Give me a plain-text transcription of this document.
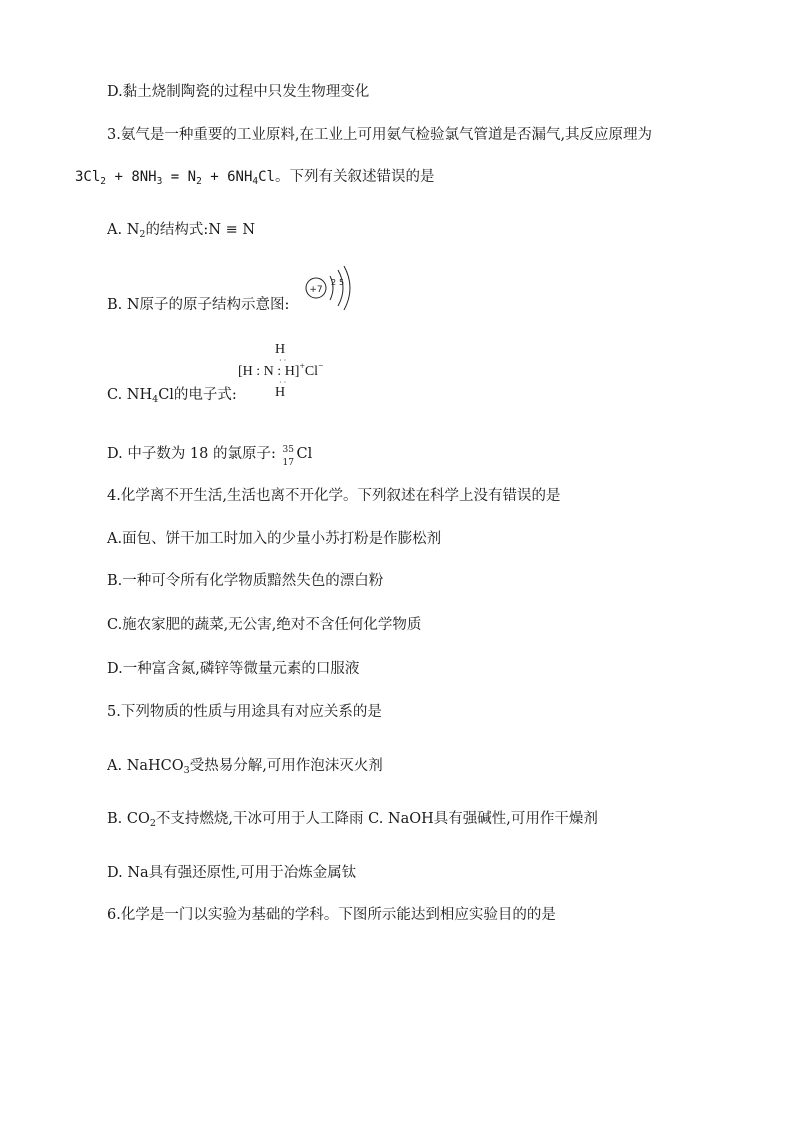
D.黏土烧制陶瓷的过程中只发生物理变化
3.氨气是一种重要的工业原料,在工业上可用氨气检验氯气管道是否漏气,其反应原理为
$3Cl_2 + 8NH_3 = N_2 + 6NH_4Cl$。下列有关叙述错误的是
A. $N_2$的结构式:N ≡ N
B. N原子的原子结构示意图:
+7
2 5
C. $NH_4Cl$的电子式:
H
· ·
[H : N : H]+Cl−
· ·
H
D. 中子数为 18 的氯原子: 35
17
Cl
4.化学离不开生活,生活也离不开化学。下列叙述在科学上没有错误的是
A.面包、饼干加工时加入的少量小苏打粉是作膨松剂
B.一种可令所有化学物质黯然失色的漂白粉
C.施农家肥的蔬菜,无公害,绝对不含任何化学物质
D.一种富含氮,磷锌等微量元素的口服液
5.下列物质的性质与用途具有对应关系的是
A. NaHCO$_3$受热易分解,可用作泡沫灭火剂
B. $CO_2$不支持燃烧,干冰可用于人工降雨 C. NaOH具有强碱性,可用作干燥剂
D. Na具有强还原性,可用于冶炼金属钛
6.化学是一门以实验为基础的学科。下图所示能达到相应实验目的的是
